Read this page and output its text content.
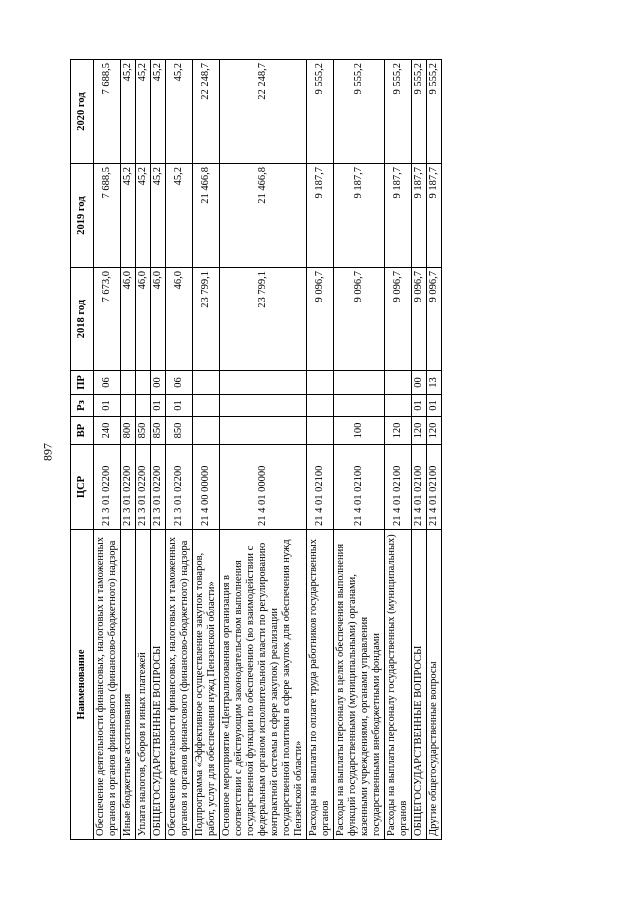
897
Наименование	ЦСР	ВР	Рз	ПР	2018 год	2019 год	2020 год
Обеспечение деятельности финансовых, налоговых и таможенных органов и органов финансового (финансово-бюджетного) надзора	21 3 01 02200	240	01	06	7 673,0	7 688,5	7 688,5
Иные бюджетные ассигнования	21 3 01 02200	800			46,0	45,2	45,2
Уплата налогов, сборов и иных платежей	21 3 01 02200	850			46,0	45,2	45,2
ОБЩЕГОСУДАРСТВЕННЫЕ ВОПРОСЫ	21 3 01 02200	850	01	00	46,0	45,2	45,2
Обеспечение деятельности финансовых, налоговых и таможенных органов и органов финансового (финансово-бюджетного) надзора	21 3 01 02200	850	01	06	46,0	45,2	45,2
Подпрограмма «Эффективное осуществление закупок товаров, работ, услуг для обеспечения нужд Пензенской области»	21 4 00 00000				23 799,1	21 466,8	22 248,7
Основное мероприятие «Централизованная организация в соответствии с действующим законодательством выполнения государственной функции по обеспечению (во взаимодействии с федеральным органом исполнительной власти по регулированию контрактной системы в сфере закупок) реализации государственной политики в сфере закупок для обеспечения нужд Пензенской области»	21 4 01 00000				23 799,1	21 466,8	22 248,7
Расходы на выплаты по оплате труда работников государственных органов	21 4 01 02100				9 096,7	9 187,7	9 555,2
Расходы на выплаты персоналу в целях обеспечения выполнения функций государственными (муниципальными) органами, казенными учреждениями, органами управления государственными внебюджетными фондами	21 4 01 02100	100			9 096,7	9 187,7	9 555,2
Расходы на выплаты персоналу государственных (муниципальных) органов	21 4 01 02100	120			9 096,7	9 187,7	9 555,2
ОБЩЕГОСУДАРСТВЕННЫЕ ВОПРОСЫ	21 4 01 02100	120	01	00	9 096,7	9 187,7	9 555,2
Другие общегосударственные вопросы	21 4 01 02100	120	01	13	9 096,7	9 187,7	9 555,2
